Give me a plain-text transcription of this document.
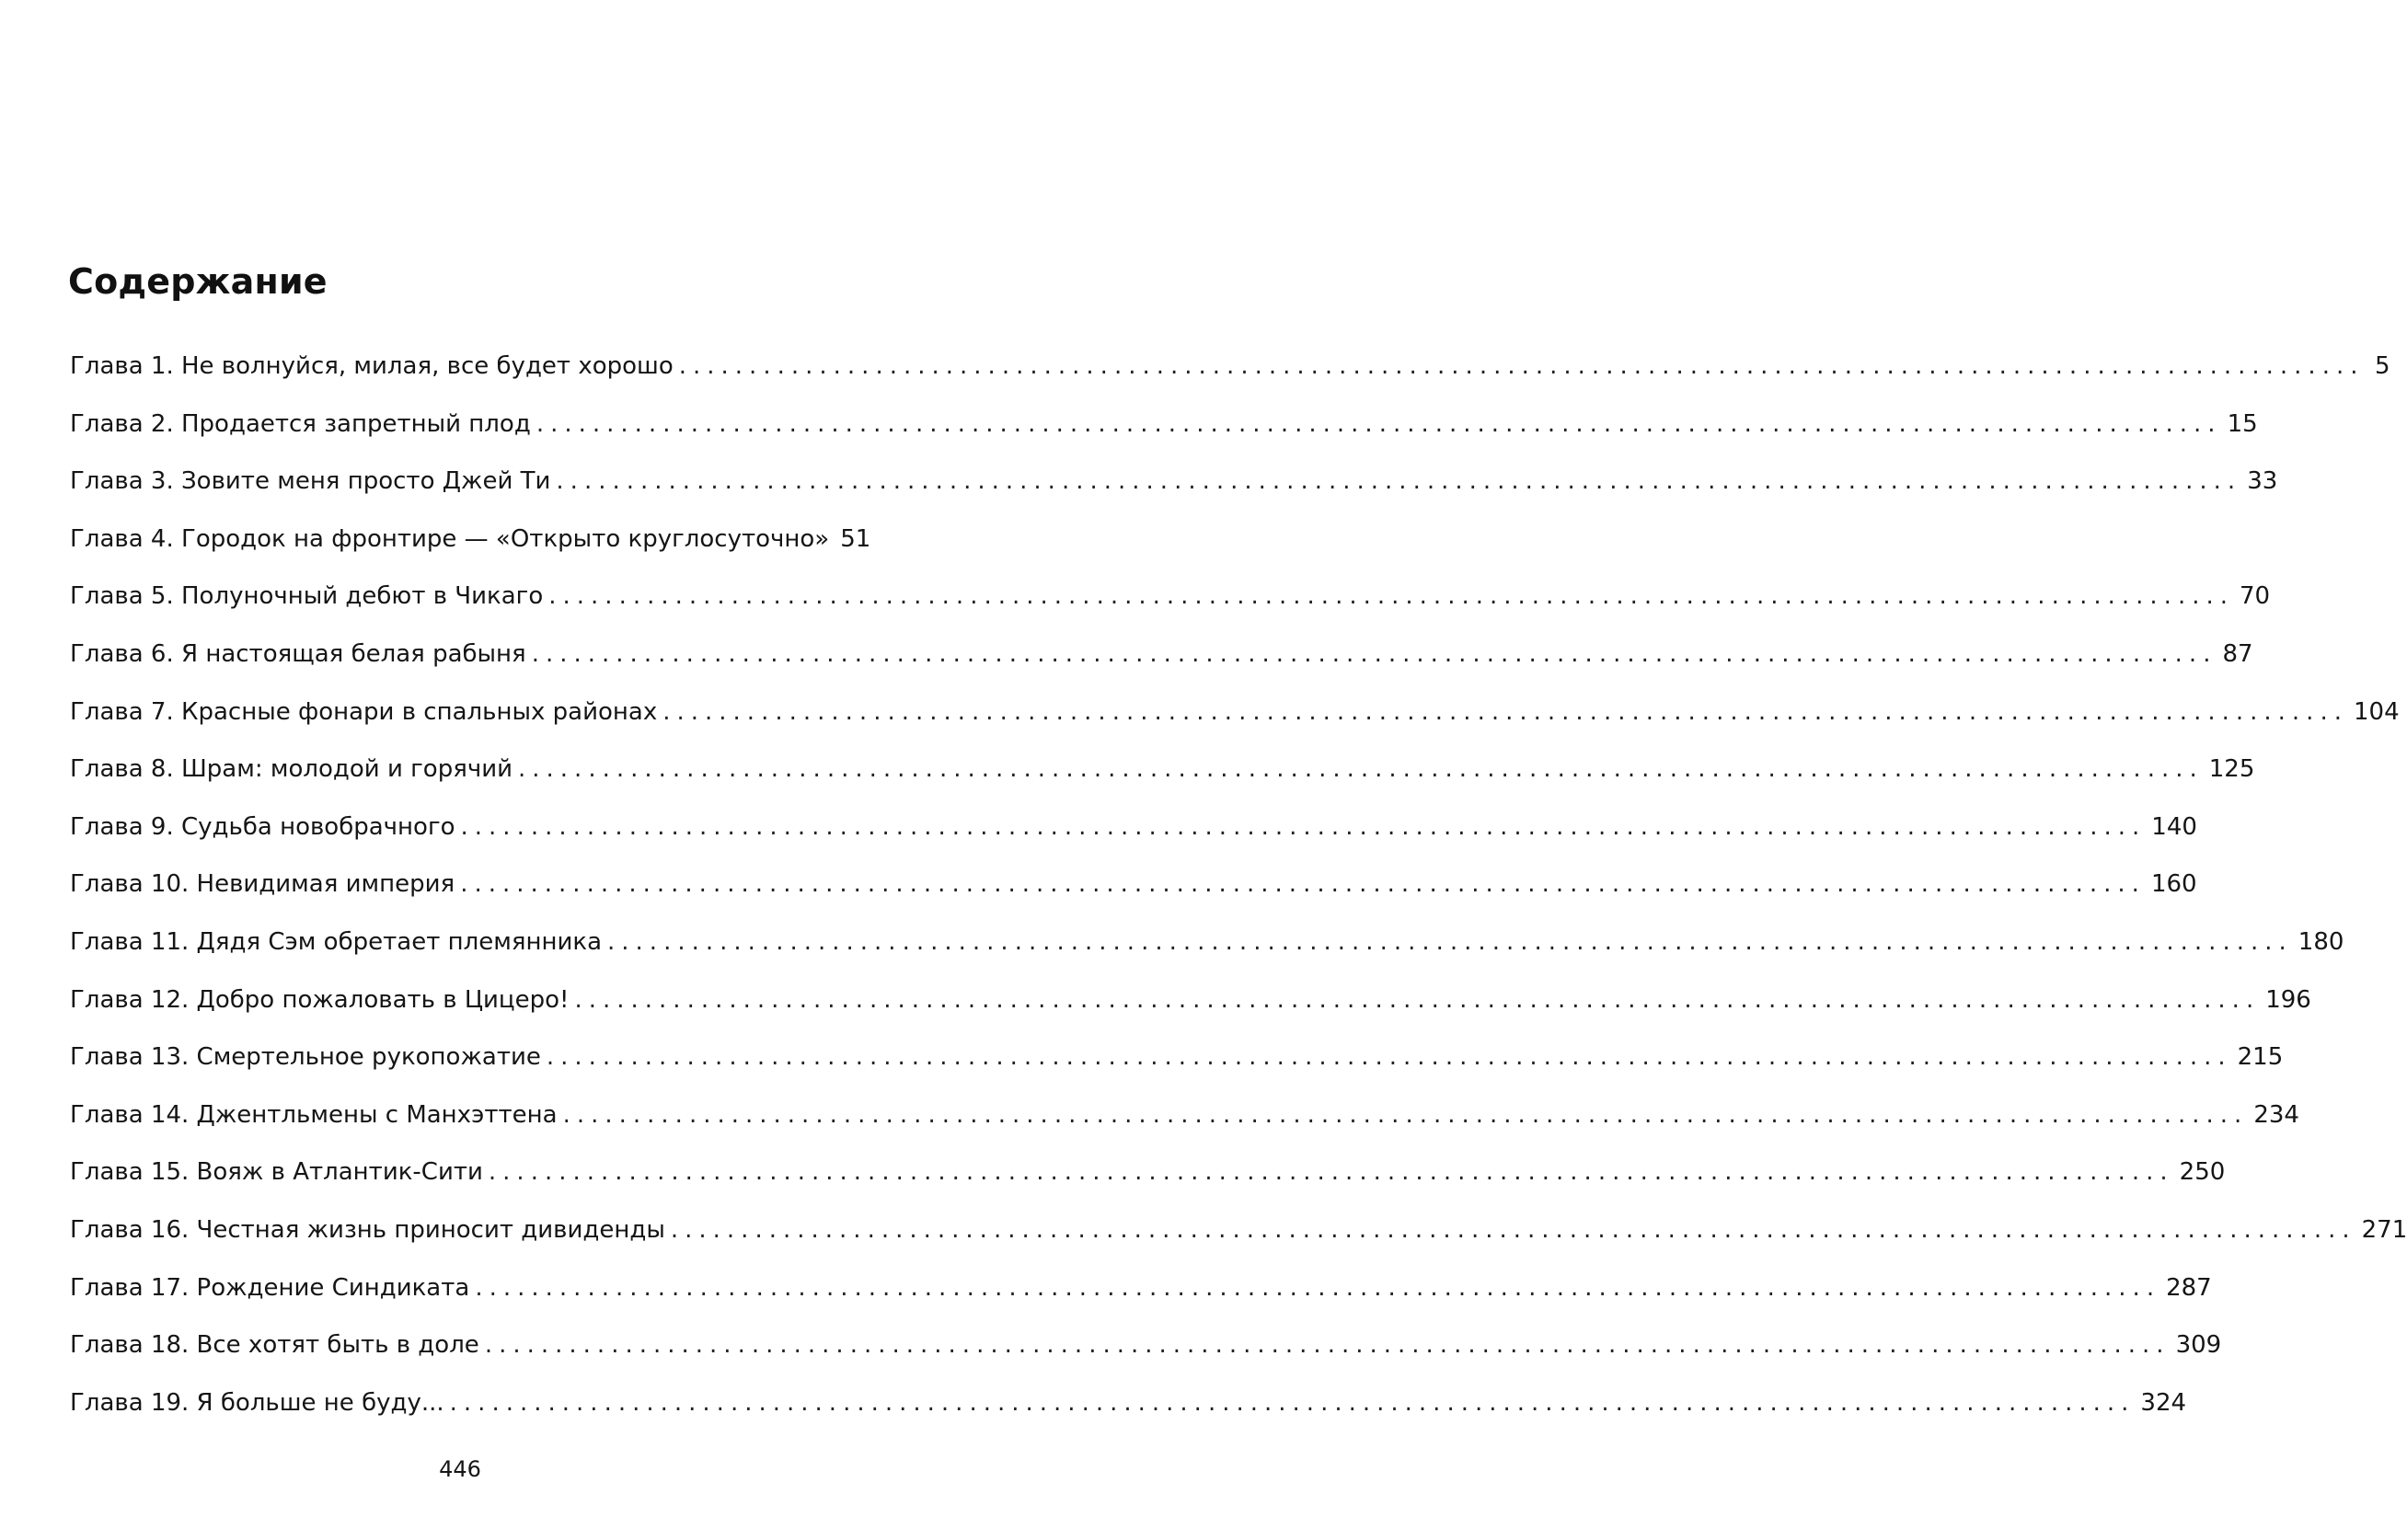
Содержание
Глава 1. Не волнуйся, милая, все будет хорошо ........................................................................................................................ 5
Глава 2. Продается запретный плод ........................................................................................................................ 15
Глава 3. Зовите меня просто Джей Ти ........................................................................................................................ 33
Глава 4. Городок на фронтире — «Открыто круглосуточно» 51
Глава 5. Полуночный дебют в Чикаго ........................................................................................................................ 70
Глава 6. Я настоящая белая рабыня ........................................................................................................................ 87
Глава 7. Красные фонари в спальных районах ........................................................................................................................ 104
Глава 8. Шрам: молодой и горячий ........................................................................................................................ 125
Глава 9. Судьба новобрачного ........................................................................................................................ 140
Глава 10. Невидимая империя ........................................................................................................................ 160
Глава 11. Дядя Сэм обретает племянника ........................................................................................................................ 180
Глава 12. Добро пожаловать в Цицеро! ........................................................................................................................ 196
Глава 13. Смертельное рукопожатие ........................................................................................................................ 215
Глава 14. Джентльмены с Манхэттена ........................................................................................................................ 234
Глава 15. Вояж в Атлантик-Сити ........................................................................................................................ 250
Глава 16. Честная жизнь приносит дивиденды ........................................................................................................................ 271
Глава 17. Рождение Синдиката ........................................................................................................................ 287
Глава 18. Все хотят быть в доле ........................................................................................................................ 309
Глава 19. Я больше не буду... ........................................................................................................................ 324
446
